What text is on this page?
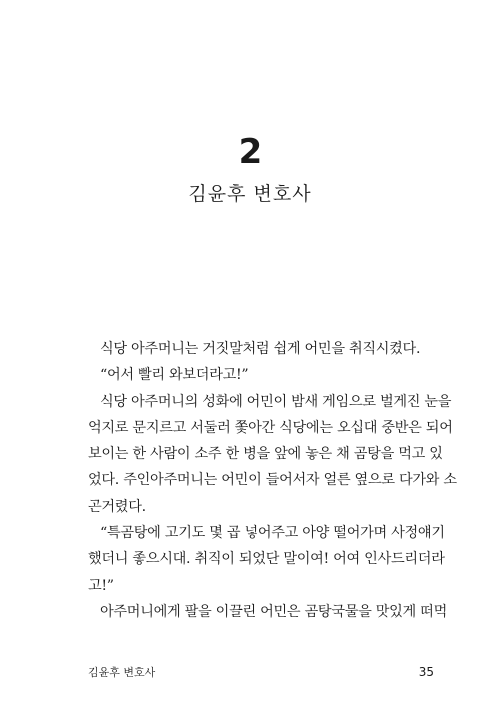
2
김윤후 변호사
식당 아주머니는 거짓말처럼 쉽게 어민을 취직시켰다.
“어서 빨리 와보더라고!”
식당 아주머니의 성화에 어민이 밤새 게임으로 벌게진 눈을
억지로 문지르고 서둘러 쫓아간 식당에는 오십대 중반은 되어
보이는 한 사람이 소주 한 병을 앞에 놓은 채 곰탕을 먹고 있
었다. 주인아주머니는 어민이 들어서자 얼른 옆으로 다가와 소
곤거렸다.
“특곰탕에 고기도 몇 곱 넣어주고 아양 떨어가며 사정얘기
했더니 좋으시대. 취직이 되었단 말이여! 어여 인사드리더라
고!”
아주머니에게 팔을 이끌린 어민은 곰탕국물을 맛있게 떠먹
김윤후 변호사	35
